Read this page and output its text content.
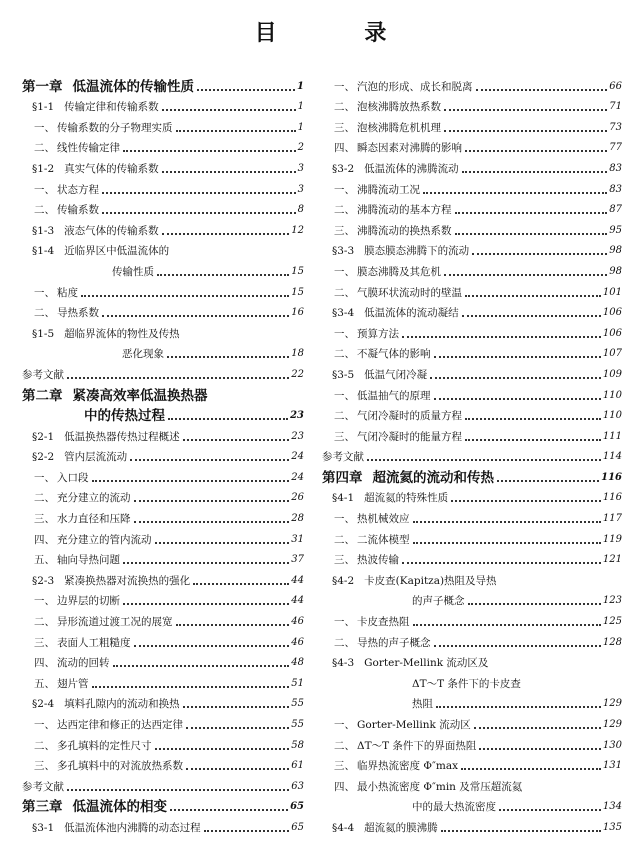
目 录
第一章 低温流体的传输性质	1
§1-1 传输定律和传输系数	1
一、 传输系数的分子物理实质	1
二、 线性传输定律	2
§1-2 真实气体的传输系数	3
一、 状态方程	3
二、 传输系数	8
§1-3 液态气体的传输系数	12
§1-4 近临界区中低温流体的
传输性质	15
一、 粘度	15
二、 导热系数	16
§1-5 超临界流体的物性及传热
恶化现象	18
参考文献	22
第二章 紧凑高效率低温换热器
中的传热过程	23
§2-1 低温换热器传热过程概述	23
§2-2 管内层流流动	24
一、 入口段	24
二、 充分建立的流动	26
三、 水力直径和压降	28
四、 充分建立的管内流动	31
五、 轴向导热问题	37
§2-3 紧凑换热器对流换热的强化	44
一、 边界层的切断	44
二、 异形流道过渡工况的展宽	46
三、 表面人工粗糙度	46
四、 流动的回转	48
五、 翅片管	51
§2-4 填料孔隙内的流动和换热	55
一、 达西定律和修正的达西定律	55
二、 多孔填料的定性尺寸	58
三、 多孔填料中的对流放热系数	61
参考文献	63
第三章 低温流体的相变	65
§3-1 低温流体池内沸腾的动态过程	65
一、 汽泡的形成、成长和脱离	66
二、 泡核沸腾放热系数	71
三、 泡核沸腾危机机理	73
四、 瞬态因素对沸腾的影响	77
§3-2 低温流体的沸腾流动	83
一、 沸腾流动工况	83
二、 沸腾流动的基本方程	87
三、 沸腾流动的换热系数	95
§3-3 膜态膜态沸腾下的流动	98
一、 膜态沸腾及其危机	98
二、 气膜环状流动时的壁温	101
§3-4 低温流体的流动凝结	106
一、 预算方法	106
二、 不凝气体的影响	107
§3-5 低温气闭冷凝	109
一、 低温抽气的原理	110
二、 气闭冷凝时的质量方程	110
三、 气闭冷凝时的能量方程	111
参考文献	114
第四章 超流氦的流动和传热	116
§4-1 超流氦的特殊性质	116
一、 热机械效应	117
二、 二流体模型	119
三、 热波传输	121
§4-2 卡皮查(Kapitza)热阻及导热
的声子概念	123
一、 卡皮查热阻	125
二、 导热的声子概念	128
§4-3 Gorter-Mellink 流动区及
ΔT～T 条件下的卡皮查
热阻	129
一、 Gorter-Mellink 流动区	129
二、 ΔT～T 条件下的界面热阻	130
三、 临界热流密度 Φ″max	131
四、 最小热流密度 Φ″min 及常压超流氦
中的最大热流密度	134
§4-4 超流氦的膜沸腾	135
